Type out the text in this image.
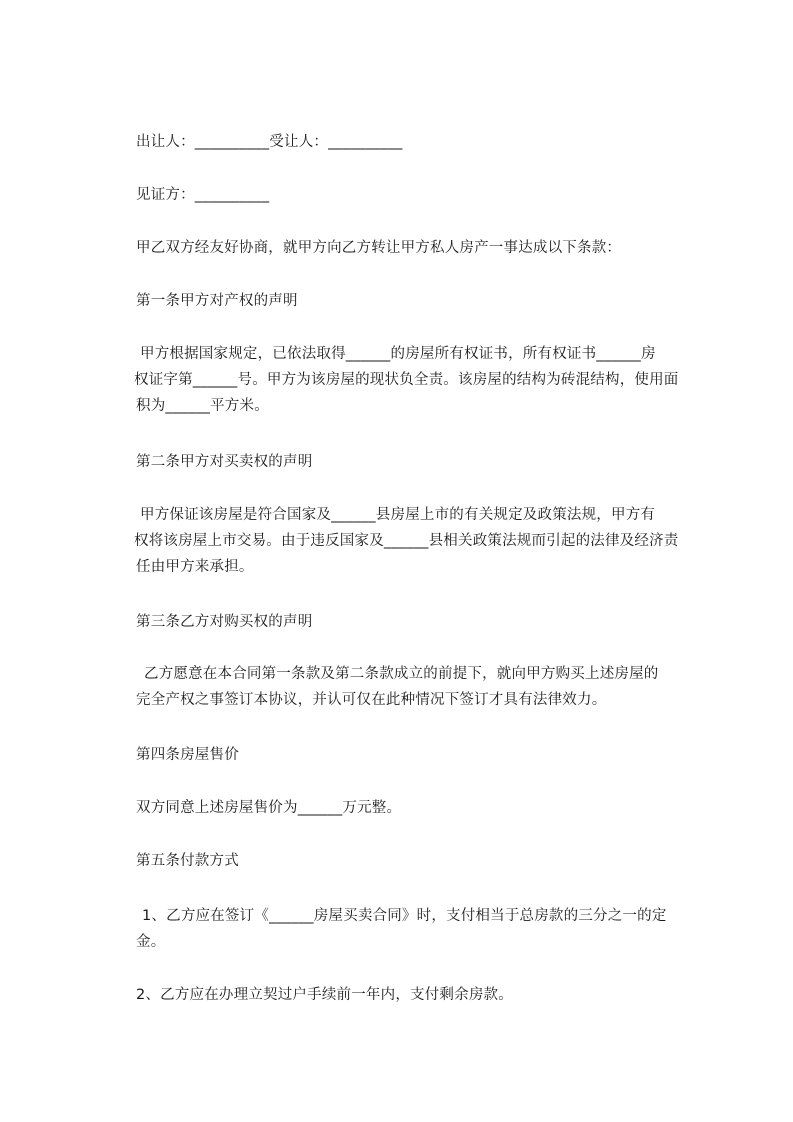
出让人：__________受让人：__________
见证方：__________
甲乙双方经友好协商，就甲方向乙方转让甲方私人房产一事达成以下条款：
第一条甲方对产权的声明
甲方根据国家规定，已依法取得______的房屋所有权证书，所有权证书______房
权证字第______号。甲方为该房屋的现状负全责。该房屋的结构为砖混结构，使用面
积为______平方米。
第二条甲方对买卖权的声明
甲方保证该房屋是符合国家及______县房屋上市的有关规定及政策法规，甲方有
权将该房屋上市交易。由于违反国家及______县相关政策法规而引起的法律及经济责
任由甲方来承担。
第三条乙方对购买权的声明
乙方愿意在本合同第一条款及第二条款成立的前提下，就向甲方购买上述房屋的
完全产权之事签订本协议，并认可仅在此种情况下签订才具有法律效力。
第四条房屋售价
双方同意上述房屋售价为______万元整。
第五条付款方式
1、乙方应在签订《______房屋买卖合同》时，支付相当于总房款的三分之一的定
金。
2、乙方应在办理立契过户手续前一年内，支付剩余房款。
